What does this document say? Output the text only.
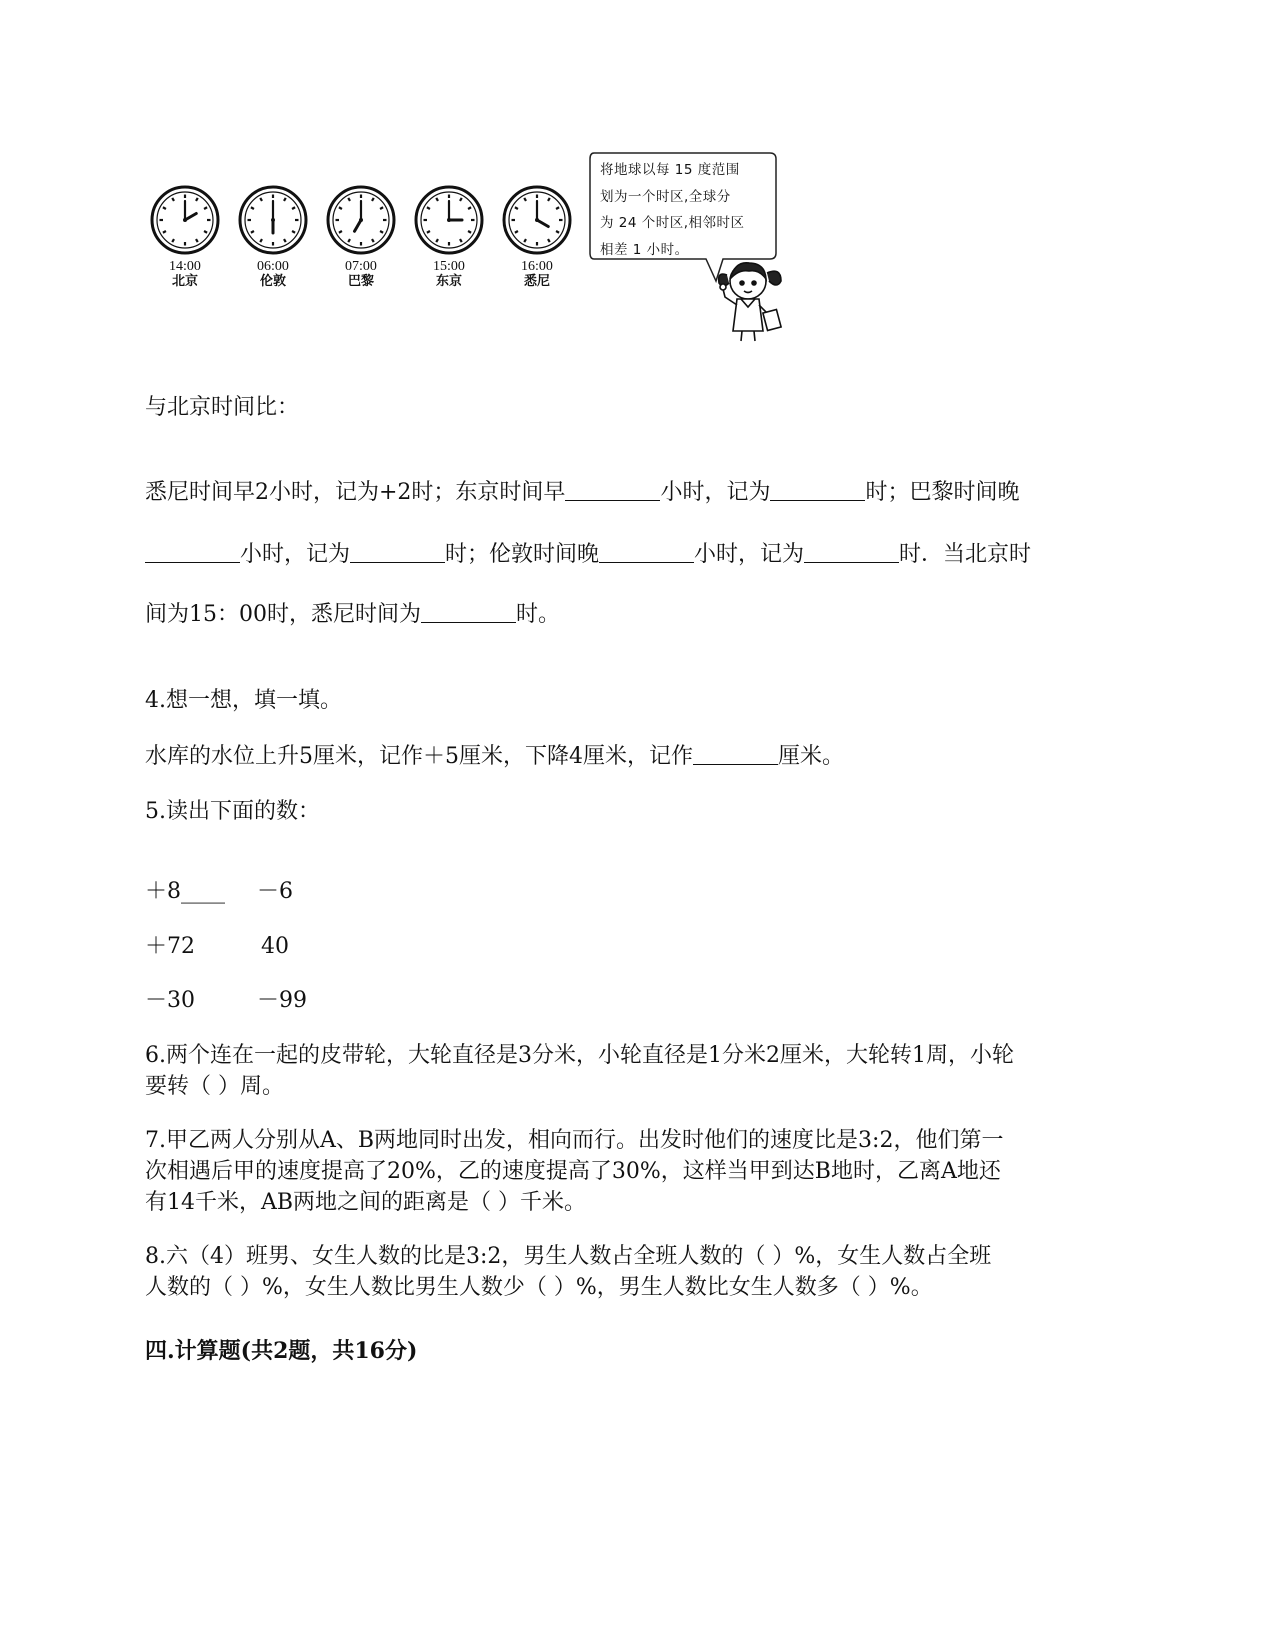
14:00
北京
06:00
伦敦
07:00
巴黎
15:00
东京
16:00
悉尼
将地球以每 15 度范围
划为一个时区,全球分
为 24 个时区,相邻时区
相差 1 小时。
与北京时间比：
悉尼时间早2小时，记为+2时；东京时间早	小时，记为	时；巴黎时间晚
小时，记为	时；伦敦时间晚	小时，记为	时．当北京时
间为15：00时，悉尼时间为	时。
4.想一想，填一填。
水库的水位上升5厘米，记作＋5厘米，下降4厘米，记作	厘米。
5.读出下面的数：
＋8____ －6
＋72	40
－30	－99
6.两个连在一起的皮带轮，大轮直径是3分米，小轮直径是1分米2厘米，大轮转1周，小轮
要转（ ）周。
7.甲乙两人分别从A、B两地同时出发，相向而行。出发时他们的速度比是3:2，他们第一
次相遇后甲的速度提高了20%，乙的速度提高了30%，这样当甲到达B地时，乙离A地还
有14千米，AB两地之间的距离是（ ）千米。
8.六（4）班男、女生人数的比是3:2，男生人数占全班人数的（ ）%，女生人数占全班
人数的（ ）%，女生人数比男生人数少（ ）%，男生人数比女生人数多（ ）%。
四.计算题(共2题，共16分)
